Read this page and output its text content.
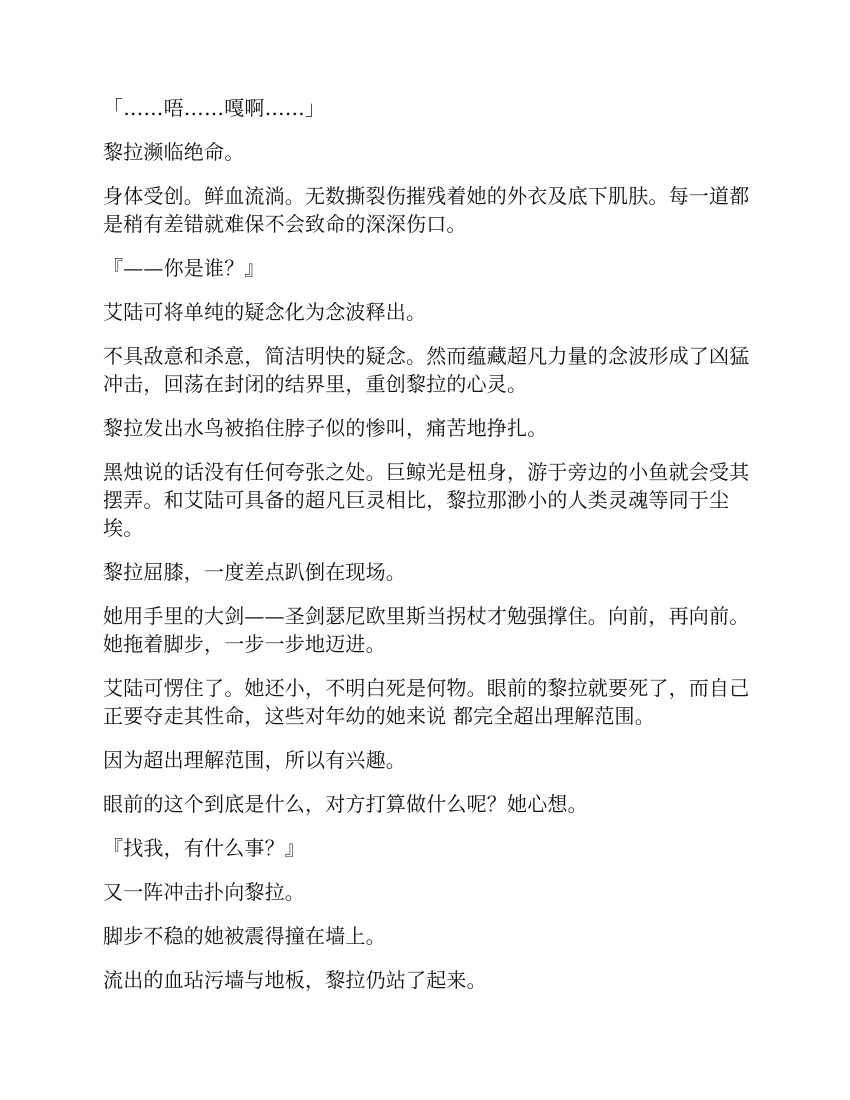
「……唔……嘎啊……」

黎拉濒临绝命。

身体受创。鲜血流淌。无数撕裂伤摧残着她的外衣及底下肌肤。每一道都是稍有差错就难保不会致命的深深伤口。

『——你是谁？』

艾陆可将单纯的疑念化为念波释出。

不具敌意和杀意，简洁明快的疑念。然而蕴藏超凡力量的念波形成了凶猛冲击，回荡在封闭的结界里，重创黎拉的心灵。

黎拉发出水鸟被掐住脖子似的惨叫，痛苦地挣扎。

黑烛说的话没有任何夸张之处。巨鲸光是杻身，游于旁边的小鱼就会受其摆弄。和艾陆可具备的超凡巨灵相比，黎拉那渺小的人类灵魂等同于尘埃。

黎拉屈膝，一度差点趴倒在现场。

她用手里的大剑——圣剑瑟尼欧里斯当拐杖才勉强撑住。向前，再向前。她拖着脚步，一步一步地迈进。

艾陆可愣住了。她还小，不明白死是何物。眼前的黎拉就要死了，而自己正要夺走其性命，这些对年幼的她来说 都完全超出理解范围。

因为超出理解范围，所以有兴趣。

眼前的这个到底是什么，对方打算做什么呢？她心想。

『找我，有什么事？』

又一阵冲击扑向黎拉。

脚步不稳的她被震得撞在墙上。

流出的血玷污墙与地板，黎拉仍站了起来。
